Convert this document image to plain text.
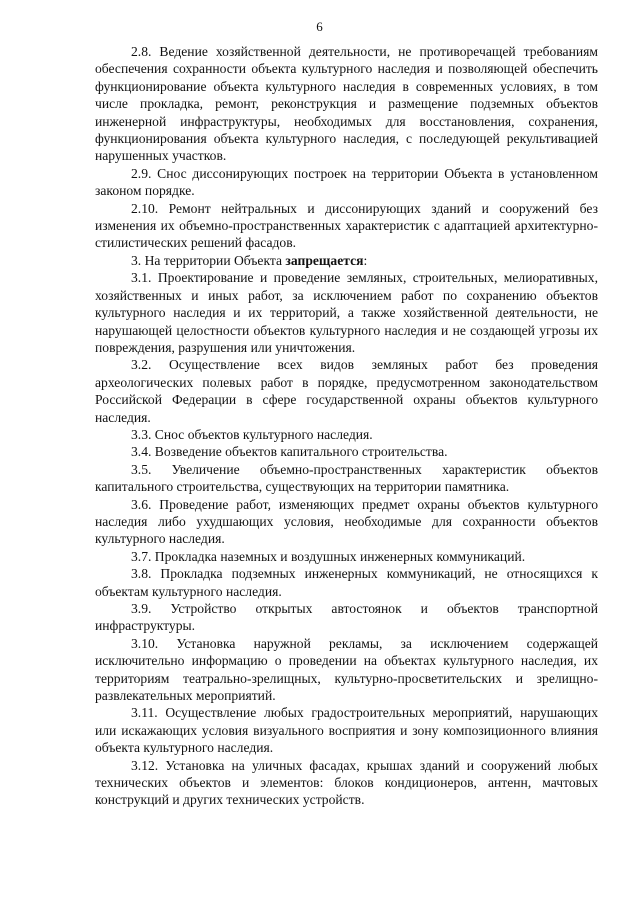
6

2.8. Ведение хозяйственной деятельности, не противоречащей требованиям обеспечения сохранности объекта культурного наследия и позволяющей обеспечить функционирование объекта культурного наследия в современных условиях, в том числе прокладка, ремонт, реконструкция и размещение подземных объектов инженерной инфраструктуры, необходимых для восстановления, сохранения, функционирования объекта культурного наследия, с последующей рекультивацией нарушенных участков.

2.9. Снос диссонирующих построек на территории Объекта в установленном законом порядке.

2.10. Ремонт нейтральных и диссонирующих зданий и сооружений без изменения их объемно-пространственных характеристик с адаптацией архитектурно-стилистических решений фасадов.

3. На территории Объекта запрещается:

3.1. Проектирование и проведение земляных, строительных, мелиоративных, хозяйственных и иных работ, за исключением работ по сохранению объектов культурного наследия и их территорий, а также хозяйственной деятельности, не нарушающей целостности объектов культурного наследия и не создающей угрозы их повреждения, разрушения или уничтожения.

3.2. Осуществление всех видов земляных работ без проведения археологических полевых работ в порядке, предусмотренном законодательством Российской Федерации в сфере государственной охраны объектов культурного наследия.

3.3. Снос объектов культурного наследия.

3.4. Возведение объектов капитального строительства.

3.5. Увеличение объемно-пространственных характеристик объектов капитального строительства, существующих на территории памятника.

3.6. Проведение работ, изменяющих предмет охраны объектов культурного наследия либо ухудшающих условия, необходимые для сохранности объектов культурного наследия.

3.7. Прокладка наземных и воздушных инженерных коммуникаций.

3.8. Прокладка подземных инженерных коммуникаций, не относящихся к объектам культурного наследия.

3.9. Устройство открытых автостоянок и объектов транспортной инфраструктуры.

3.10. Установка наружной рекламы, за исключением содержащей исключительно информацию о проведении на объектах культурного наследия, их территориям театрально-зрелищных, культурно-просветительских и зрелищно-развлекательных мероприятий.

3.11. Осуществление любых градостроительных мероприятий, нарушающих или искажающих условия визуального восприятия и зону композиционного влияния объекта культурного наследия.

3.12. Установка на уличных фасадах, крышах зданий и сооружений любых технических объектов и элементов: блоков кондиционеров, антенн, мачтовых конструкций и других технических устройств.
